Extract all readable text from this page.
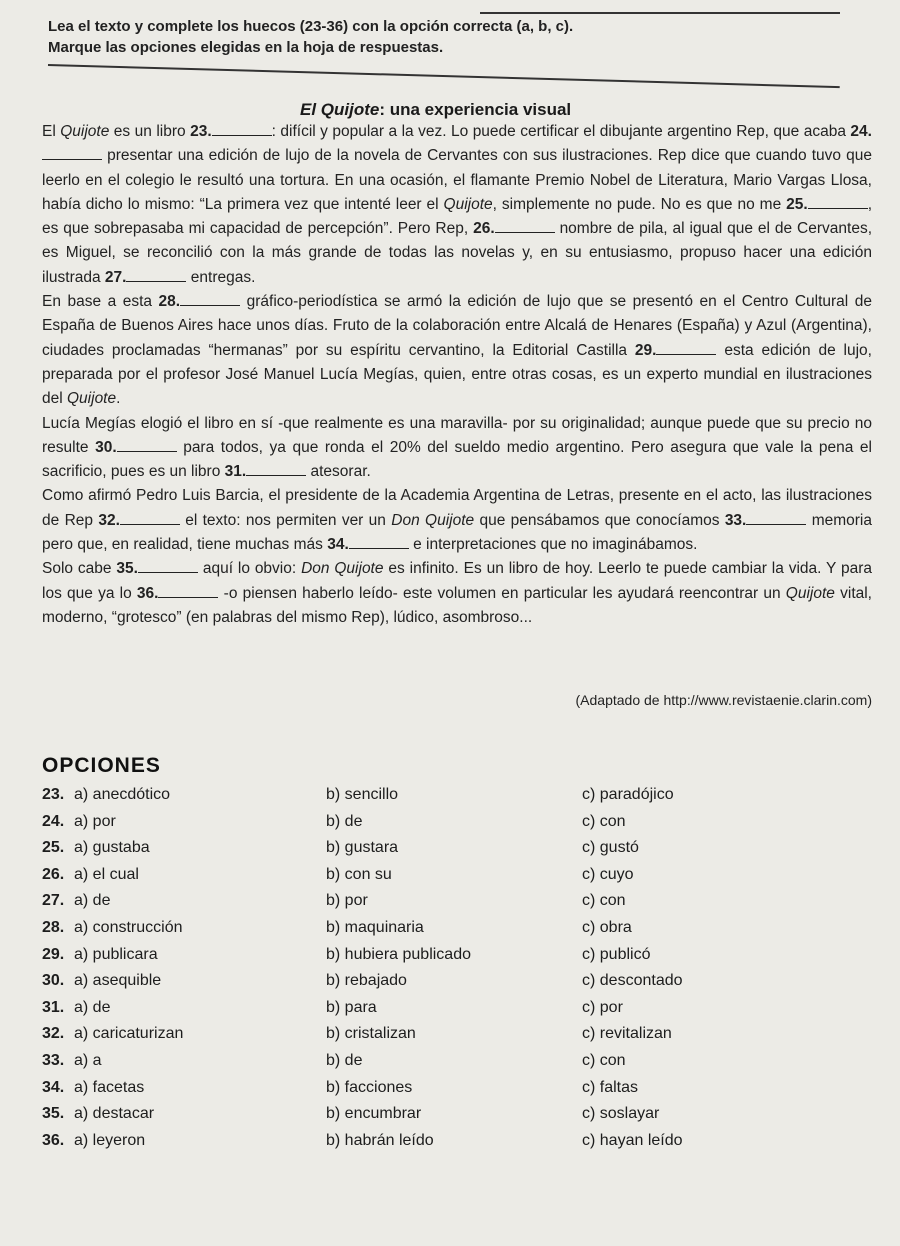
Lea el texto y complete los huecos (23-36) con la opción correcta (a, b, c).
Marque las opciones elegidas en la hoja de respuestas.
El Quijote: una experiencia visual

El Quijote es un libro 23.	: difícil y popular a la vez. Lo puede certificar el dibujante argentino Rep, que acaba 24. presentar una edición de lujo de la novela de Cervantes con sus ilustraciones. Rep dice que cuando tuvo que leerlo en el colegio le resultó una tortura. En una ocasión, el flamante Premio Nobel de Literatura, Mario Vargas Llosa, había dicho lo mismo: “La primera vez que intenté leer el Quijote, simplemente no pude. No es que no me 25.	, es que sobrepasaba mi capacidad de percepción”. Pero Rep, 26.	nombre de pila, al igual que el de Cervantes, es Miguel, se reconcilió con la más grande de todas las novelas y, en su entusiasmo, propuso hacer una edición ilustrada 27.	entregas.

En base a esta 28.	gráfico-periodística se armó la edición de lujo que se presentó en el Centro Cultural de España de Buenos Aires hace unos días. Fruto de la colaboración entre Alcalá de Henares (España) y Azul (Argentina), ciudades proclamadas “hermanas” por su espíritu cervantino, la Editorial Castilla 29.	esta edición de lujo, preparada por el profesor José Manuel Lucía Megías, quien, entre otras cosas, es un experto mundial en ilustraciones del Quijote.

Lucía Megías elogió el libro en sí -que realmente es una maravilla- por su originalidad; aunque puede que su precio no resulte 30.	para todos, ya que ronda el 20% del sueldo medio argentino. Pero asegura que vale la pena el sacrificio, pues es un libro 31.	atesorar.

Como afirmó Pedro Luis Barcia, el presidente de la Academia Argentina de Letras, presente en el acto, las ilustraciones de Rep 32.	el texto: nos permiten ver un Don Quijote que pensábamos que conocíamos 33.	memoria pero que, en realidad, tiene muchas más 34.	e interpretaciones que no imaginábamos.

Solo cabe 35.	aquí lo obvio: Don Quijote es infinito. Es un libro de hoy. Leerlo te puede cambiar la vida. Y para los que ya lo 36.	-o piensen haberlo leído- este volumen en particular les ayudará reencontrar un Quijote vital, moderno, “grotesco” (en palabras del mismo Rep), lúdico, asombroso...

(Adaptado de http://www.revistaenie.clarin.com)
OPCIONES
23. a) anecdótico	b) sencillo	c) paradójico
24. a) por	b) de	c) con
25. a) gustaba	b) gustara	c) gustó
26. a) el cual	b) con su	c) cuyo
27. a) de	b) por	c) con
28. a) construcción	b) maquinaria	c) obra
29. a) publicara	b) hubiera publicado	c) publicó
30. a) asequible	b) rebajado	c) descontado
31. a) de	b) para	c) por
32. a) caricaturizan	b) cristalizan	c) revitalizan
33. a) a	b) de	c) con
34. a) facetas	b) facciones	c) faltas
35. a) destacar	b) encumbrar	c) soslayar
36. a) leyeron	b) habrán leído	c) hayan leído
